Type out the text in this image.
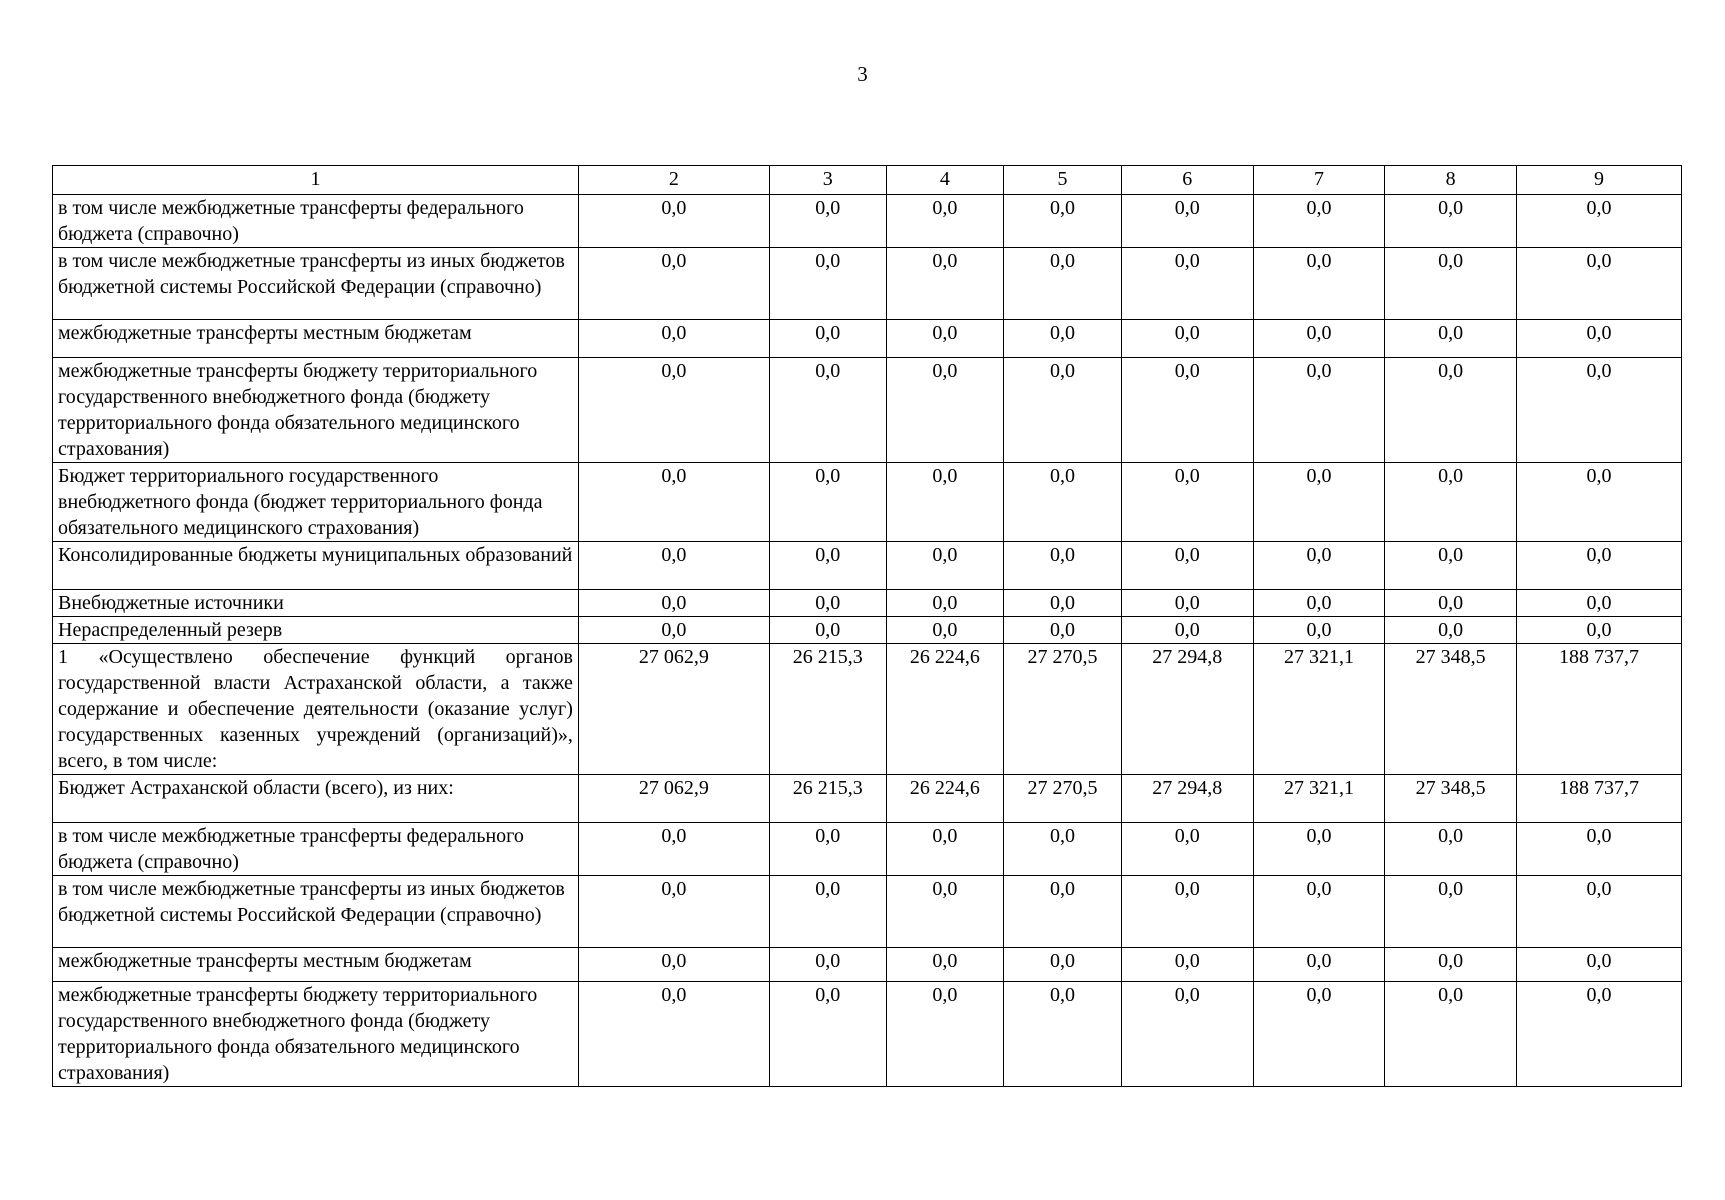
3
1	2	3	4	5	6	7	8	9
в том числе межбюджетные трансферты федерального бюджета (справочно)	0,0	0,0	0,0	0,0	0,0	0,0	0,0	0,0
в том числе межбюджетные трансферты из иных бюджетов бюджетной системы Российской Федерации (справочно)	0,0	0,0	0,0	0,0	0,0	0,0	0,0	0,0
межбюджетные трансферты местным бюджетам	0,0	0,0	0,0	0,0	0,0	0,0	0,0	0,0
межбюджетные трансферты бюджету территориального государственного внебюджетного фонда (бюджету территориального фонда обязательного медицинского страхования)	0,0	0,0	0,0	0,0	0,0	0,0	0,0	0,0
Бюджет территориального государственного внебюджетного фонда (бюджет территориального фонда обязательного медицинского страхования)	0,0	0,0	0,0	0,0	0,0	0,0	0,0	0,0
Консолидированные бюджеты муниципальных образований	0,0	0,0	0,0	0,0	0,0	0,0	0,0	0,0
Внебюджетные источники	0,0	0,0	0,0	0,0	0,0	0,0	0,0	0,0
Нераспределенный резерв	0,0	0,0	0,0	0,0	0,0	0,0	0,0	0,0
1 «Осуществлено обеспечение функций органов государственной власти Астраханской области, а также содержание и обеспечение деятельности (оказание услуг) государственных казенных учреждений (организаций)», всего, в том числе:	27 062,9	26 215,3	26 224,6	27 270,5	27 294,8	27 321,1	27 348,5	188 737,7
Бюджет Астраханской области (всего), из них:	27 062,9	26 215,3	26 224,6	27 270,5	27 294,8	27 321,1	27 348,5	188 737,7
в том числе межбюджетные трансферты федерального бюджета (справочно)	0,0	0,0	0,0	0,0	0,0	0,0	0,0	0,0
в том числе межбюджетные трансферты из иных бюджетов бюджетной системы Российской Федерации (справочно)	0,0	0,0	0,0	0,0	0,0	0,0	0,0	0,0
межбюджетные трансферты местным бюджетам	0,0	0,0	0,0	0,0	0,0	0,0	0,0	0,0
межбюджетные трансферты бюджету территориального государственного внебюджетного фонда (бюджету территориального фонда обязательного медицинского страхования)	0,0	0,0	0,0	0,0	0,0	0,0	0,0	0,0
